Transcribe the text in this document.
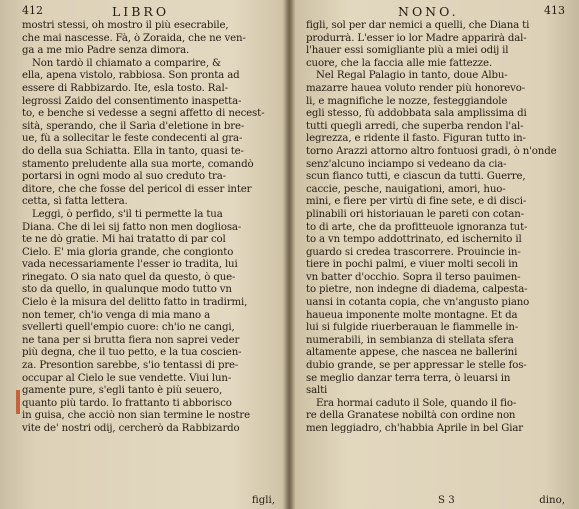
412	LIBRO
mostri stessi, oh mostro il più esecrabile,
che mai nascesse. Fà, ò Zoraida, che ne ven-
ga a me mio Padre senza dimora.
Non tardò il chiamato a comparire, &
ella, apena vistolo, rabbiosa. Son pronta ad
essere di Rabbizardo. Ite, esla tosto. Ral-
legrossi Zaido del consentimento inaspetta-
to, e benche si vedesse a segni affetto di necest-
sità, sperando, che il Sarìa d'eletione in bre-
ue, fù a sollecitar le feste condecenti al gra-
do della sua Schiatta. Ella in tanto, quasi te-
stamento preludente alla sua morte, comandò
portarsi in ogni modo al suo creduto tra-
ditore, che che fosse del pericol di esser inter
cetta, sì fatta lettera.
Leggi, ò perfido, s'il ti permette la tua
Diana. Che di lei sij fatto non men dogliosa-
te ne dò gratie. Mi hai tratatto di par col
Cielo. E' mia gloria grande, che congionto
vada necessariamente l'esser io tradita, lui
rinegato. O sia nato quel da questo, ò que-
sto da quello, in qualunque modo tutto vn
Cielo è la misura del delitto fatto in tradirmi,
non temer, ch'io venga di mia mano a
svellerti quell'empio cuore: ch'io ne cangi,
ne tana per si brutta fiera non saprei veder
più degna, che il tuo petto, e la tua coscien-
za. Presontion sarebbe, s'io tentassi di pre-
occupar al Cielo le sue vendette. Viui lun-
gamente pure, s'egli tanto è più seuero,
quanto più tardo. Io frattanto ti abborisco
in guisa, che acciò non sian termine le nostre
vite de' nostri odij, cercherò da Rabbizardo
figli,
NONO.	413
figli, sol per dar nemici a quelli, che Diana ti
produrrà. L'esser io lor Madre apparirà dal-
l'hauer essi somigliante più a miei odij il
cuore, che la faccia alle mie fattezze.
Nel Regal Palagio in tanto, doue Albu-
mazarre hauea voluto render più honorevo-
li, e magnifiche le nozze, festeggiandole
egli stesso, fù addobbata sala amplissima di
tutti quegli arredi, che superba rendon l'al-
legrezza, e ridente il fasto. Figuran tutto in-
torno Arazzi attorno altro fontuosi gradi, ò n'onde
senz'alcuno inciampo si vedeano da cia-
scun fianco tutti, e ciascun da tutti. Guerre,
caccie, pesche, nauigationi, amori, huo-
mini, e fiere per virtù di fine sete, e di disci-
plinabili ori historiauan le pareti con cotan-
to di arte, che da profitteuole ignoranza tut-
to a vn tempo addottrinato, ed ischernito il
guardo si credea trascorrere. Prouincie in-
tiere in pochi palmi, e viuer molti secoli in
vn batter d'occhio. Sopra il terso pauimen-
to pietre, non indegne di diadema, calpesta-
uansi in cotanta copia, che vn'angusto piano
haueua imponente molte montagne. Et da
lui si fulgide riuerberauan le fiammelle in-
numerabili, in sembianza di stellata sfera
altamente appese, che nascea ne ballerini
dubio grande, se per appressar le stelle fos-
se meglio danzar terra terra, ò leuarsi in
salti
Era hormai caduto il Sole, quando il fio-
re della Granatese nobiltà con ordine non
men leggiadro, ch'habbia Aprile in bel Giar
S 3	dino,
